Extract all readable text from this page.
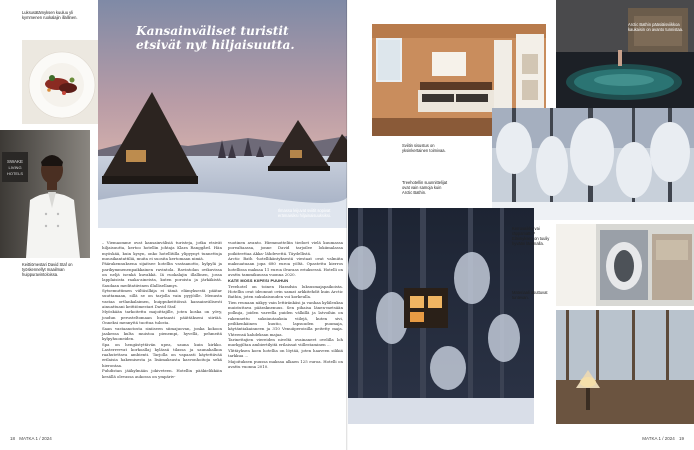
Luksusätämyksen kuuluu yli kymmenen ruokalajin illallinen.
SWAKE
LIVING
HOTELS
Keittiömestari David Staf on työskennellyt maailman huippuravintoloissa.
Kansainväliset turistit
etsivät nyt hiljaisuutta.
Ilmassa leijuvat sviitit sopivat erämaisiksi hiljainaisuuksiksi.

– Viemaomme ovat kansainvälisiä turisteja, jotka etsivät hiljaisuutta, kertoo hotellin johtaja Klara Ranggård. Hän myöskää, kuin kysyn, onko hotellitilla ylipyynyt tunnettuja muusikantattiliä, muita ei suosita kertomaan nimiä.

Päärakennuksena sijaitsee hotellin vastaanotto, kylpylä ja parikymmenenpaikkainen ravintola. Ravintolan ovikuvissa on neljä isenkä kuvakkä. Iä ruokalajin illallinen, jossa lapplaisista raaka-aineista, kuten poroista ja järkäkistä. Saudaan meditatiivinen illallisellamys.

Sytsemuttimen viiltäsilkija ei tämä elämyksestä päätar suuttamaan, sillä se on tarjolla vain pyyjöille. Menusta vastaa ortlankalaimen, huippukeittiössä kansainvälisesti ainuattuani keittiömestari David Staf.

Myöskään tarkoitettu majoittajille, joten koska on yövy, joudun perusteltomaan hurtaasti päättäkseni siirtää. Onneksi mennyttä tuottua tulosta.

Saan vastaanotosta siniiseen siimajuovan, jonka kokoon jaakessa kulta muistoa pienempi, hyvellä, pehmeitä kylpyhuoneiden.

Spa on hengästyttävän upea, sauna kuin kirkko. Lasterrevvat korkoallaj kylässä tilassa ja saunahalkoa raahutettava ambienti. Tarjolla on vapaasti käytettävää erilaisia hakemisesta ja lisämaksusta kasvonhoitoja sekä hierontaa.

Puhdistan jääkylmään jokiveteen. Hotellin pääkielikkäin kesällä olevassa aukossa on ympäriv-

vuotinen avanto. Hiemmotteliin tiedoet vielä kuumassa porealtaassa, jonne David tarjoilee lokiimalassa poikiteettaa Akka- lähdevettä. Täydellistä.

Arctic Bath -hotellikäntyksestä viestaat ovat valmiita maksuatuaan jopa 680 euroa yöltä. Opastettu kierros hotellissa maksaa 11 euroa ilvaraas eriuksessä. Hotelli on avattu tammikuussa vuonna 2020.

KATE MOSS KIIPESI PUUHUN

Treehotel on toinen Haradsin luksusmajapaikoista. Hotellin ovat ideonnut ovin samat arkkitehdit kuin Arctic Bathin, joten sukulaisuuden voi korkeulla.

Tien reunaan näkyy vain lettiränkäsi ja vanhaa kyläleuksa muistuttava pääraknenuus. Sen pihaisa länen-metsään polkuja, joiden varrella puiden välkillä ja latvoihin on rakennettu suksiuutauksia viilejä, kuten sivi, peilikenkäinen kuutio, lapsuuden puumaja, käytäntiakainneen ja 310 Venuiiperoisilla peitetty maja. Yhteensä kahdeksan majaa.

Tarinettajien viereiden niveltä ovainaneet ovelilla loh murkpjiltan ambiertilyitä erilaissat viillestaminen ...

Ylittäyksen koen hotellia on löytää, joten haaveen silikiä tarkkua ...

Majoituksen puussa maksaa alkaen 125 euroa. Hotelli on avattu vuonna 2010.

18 MATKA 1 / 2024
Arctic Bathin pääsiäisviikkoa kaukaisin on avanto tunnistaa.
Sviitin sisustus on yksinkertainen toimivaa.
Treehotellin suunnittelijat ovat vain samoja kuin Arctic Bathin.
Kerrosaikky vai räppamatto? Eläimyksen on tuuliy hyvään lämmalla.
Materiaali asuttuvat tuntevan.
MATKA 1 / 2024 19
